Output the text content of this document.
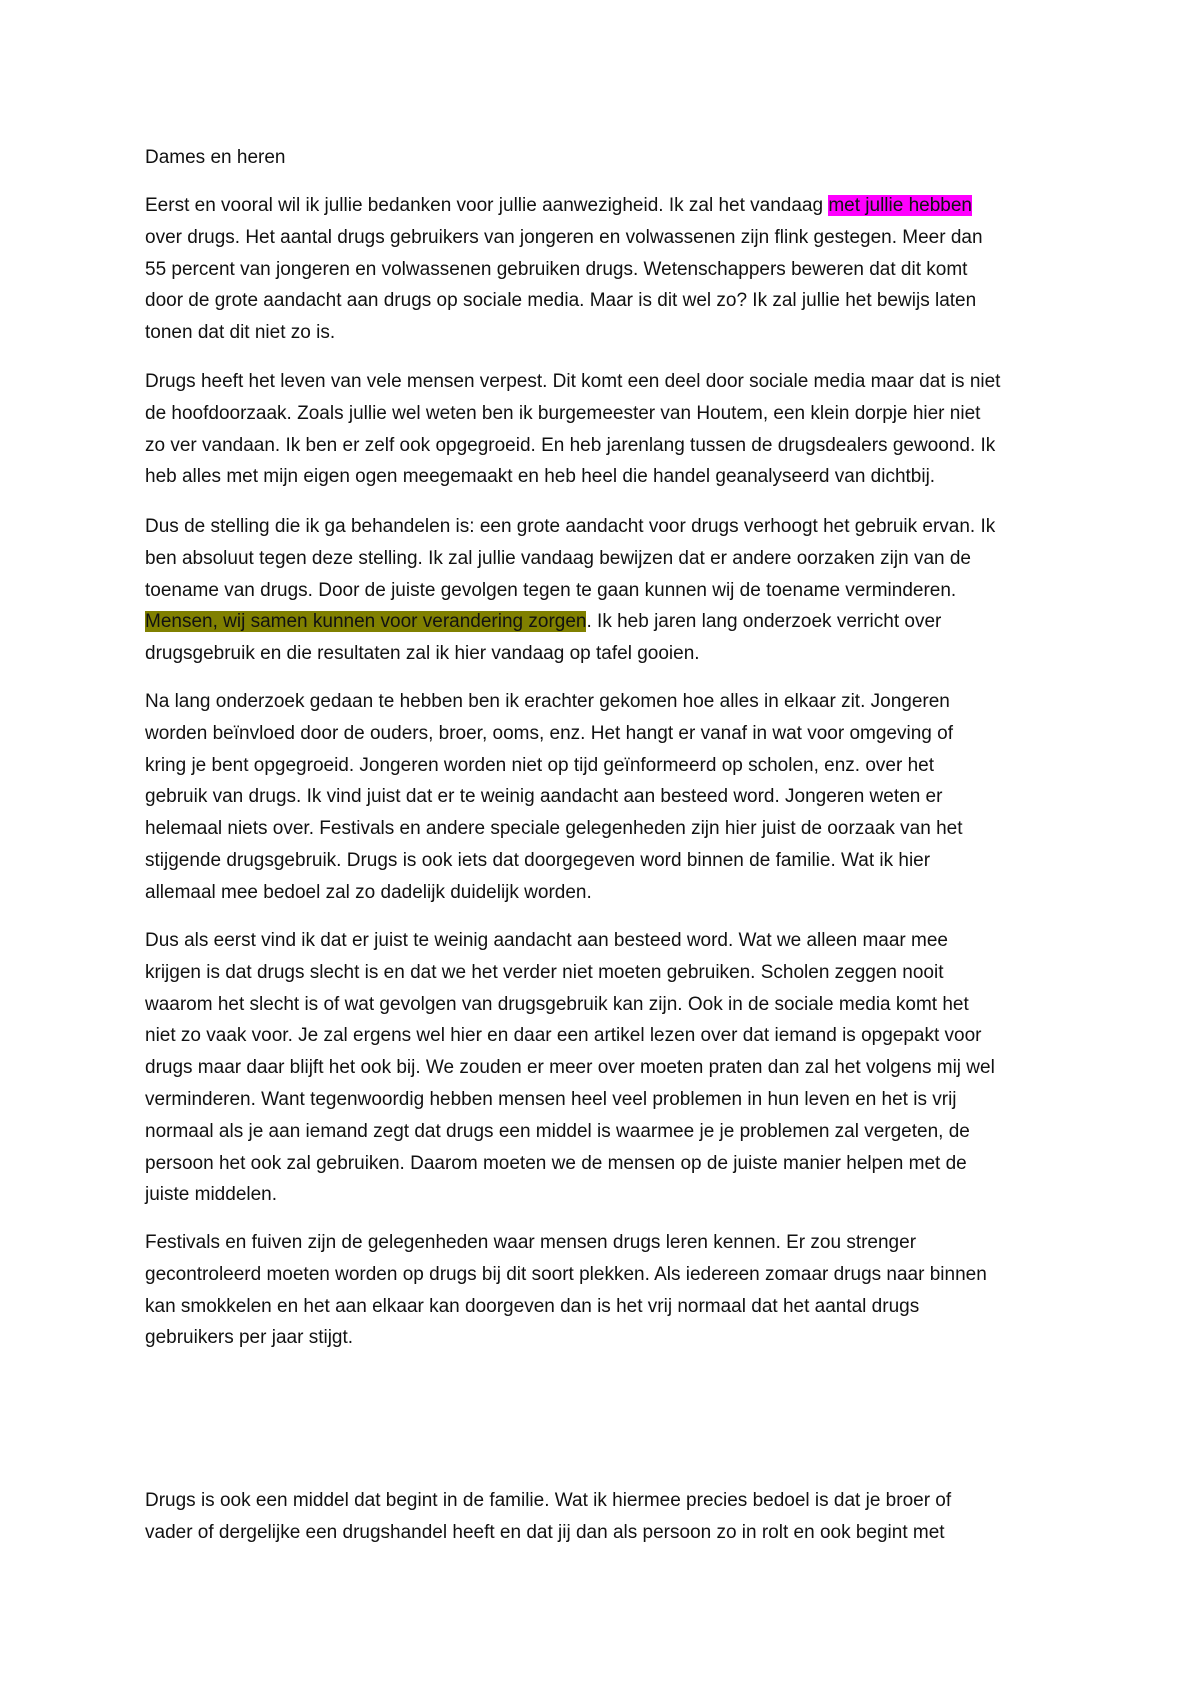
Dames en heren

Eerst en vooral wil ik jullie bedanken voor jullie aanwezigheid. Ik zal het vandaag met jullie hebben
over drugs. Het aantal drugs gebruikers van jongeren en volwassenen zijn flink gestegen. Meer dan
55 percent van jongeren en volwassenen gebruiken drugs. Wetenschappers beweren dat dit komt
door de grote aandacht aan drugs op sociale media. Maar is dit wel zo? Ik zal jullie het bewijs laten
tonen dat dit niet zo is.

Drugs heeft het leven van vele mensen verpest. Dit komt een deel door sociale media maar dat is niet
de hoofdoorzaak. Zoals jullie wel weten ben ik burgemeester van Houtem, een klein dorpje hier niet
zo ver vandaan. Ik ben er zelf ook opgegroeid. En heb jarenlang tussen de drugsdealers gewoond. Ik
heb alles met mijn eigen ogen meegemaakt en heb heel die handel geanalyseerd van dichtbij.

Dus de stelling die ik ga behandelen is: een grote aandacht voor drugs verhoogt het gebruik ervan. Ik
ben absoluut tegen deze stelling. Ik zal jullie vandaag bewijzen dat er andere oorzaken zijn van de
toename van drugs. Door de juiste gevolgen tegen te gaan kunnen wij de toename verminderen.
Mensen, wij samen kunnen voor verandering zorgen. Ik heb jaren lang onderzoek verricht over
drugsgebruik en die resultaten zal ik hier vandaag op tafel gooien.

Na lang onderzoek gedaan te hebben ben ik erachter gekomen hoe alles in elkaar zit. Jongeren
worden beïnvloed door de ouders, broer, ooms, enz. Het hangt er vanaf in wat voor omgeving of
kring je bent opgegroeid. Jongeren worden niet op tijd geïnformeerd op scholen, enz. over het
gebruik van drugs. Ik vind juist dat er te weinig aandacht aan besteed word. Jongeren weten er
helemaal niets over. Festivals en andere speciale gelegenheden zijn hier juist de oorzaak van het
stijgende drugsgebruik. Drugs is ook iets dat doorgegeven word binnen de familie. Wat ik hier
allemaal mee bedoel zal zo dadelijk duidelijk worden.

Dus als eerst vind ik dat er juist te weinig aandacht aan besteed word. Wat we alleen maar mee
krijgen is dat drugs slecht is en dat we het verder niet moeten gebruiken. Scholen zeggen nooit
waarom het slecht is of wat gevolgen van drugsgebruik kan zijn. Ook in de sociale media komt het
niet zo vaak voor. Je zal ergens wel hier en daar een artikel lezen over dat iemand is opgepakt voor
drugs maar daar blijft het ook bij. We zouden er meer over moeten praten dan zal het volgens mij wel
verminderen. Want tegenwoordig hebben mensen heel veel problemen in hun leven en het is vrij
normaal als je aan iemand zegt dat drugs een middel is waarmee je je problemen zal vergeten, de
persoon het ook zal gebruiken. Daarom moeten we de mensen op de juiste manier helpen met de
juiste middelen.

Festivals en fuiven zijn de gelegenheden waar mensen drugs leren kennen. Er zou strenger
gecontroleerd moeten worden op drugs bij dit soort plekken. Als iedereen zomaar drugs naar binnen
kan smokkelen en het aan elkaar kan doorgeven dan is het vrij normaal dat het aantal drugs
gebruikers per jaar stijgt.

Drugs is ook een middel dat begint in de familie. Wat ik hiermee precies bedoel is dat je broer of
vader of dergelijke een drugshandel heeft en dat jij dan als persoon zo in rolt en ook begint met
